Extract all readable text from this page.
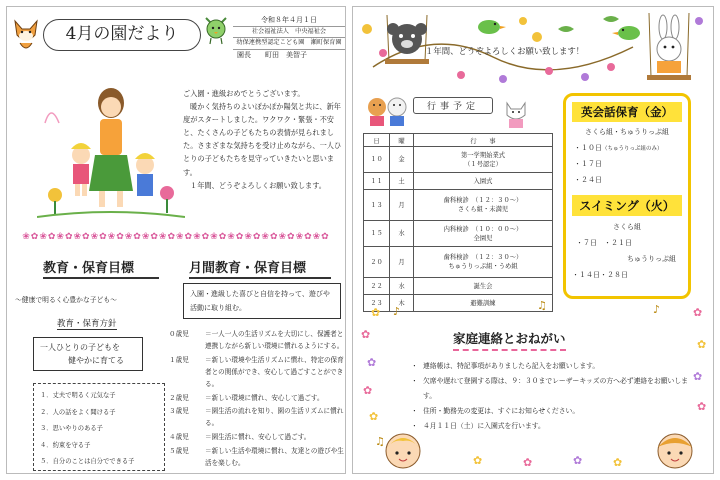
4月の園だより
令和８年４月１日
社会福祉法人　中央福祉会
幼保連携型認定こども園　瀬町保育園
園長　　町田　美智子

ご入園・進級おめでとうございます。

暖かく気持ちのよいぽかぽか陽気と共に、新年度がスタートしました。ワクワク・緊張・不安と、たくさんの子どもたちの表情が見られました。さまざまな気持ちを受け止めながら、一人ひとりの子どもたちを見守っていきたいと思います。

１年間、どうぞよろしくお願い致します。

❀✿❀✿❀✿❀✿❀✿❀✿❀✿❀✿❀✿❀✿❀✿❀✿❀✿❀✿❀✿❀✿❀✿❀✿
教育・保育目標	月間教育・保育目標
～健康で明るく心豊かな子ども～
教育・保育方針
一人ひとりの子どもを
健やかに育てる
１．丈夫で明るく元気な子
２．人の話をよく聞ける子
３．思いやりのある子
４．約束を守る子
５．自分のことは自分でできる子
入園・進級した喜びと自信を持って、遊びや活動に取り組む。
０歳児	＝一人一人の生活リズムを大切にし、保護者と連携しながら新しい環境に慣れるようにする。
１歳児	＝新しい環境や生活リズムに慣れ、特定の保育者との関係ができ、安心して過ごすことができる。
２歳児	＝新しい環境に慣れ、安心して過ごす。
３歳児	＝園生活の流れを知り、園の生活リズムに慣れる。
４歳児	＝園生活に慣れ、安心して過ごす。
５歳児	＝新しい生活や環境に慣れ、友達との遊びや生活を楽しむ。
１年間、どうぞよろしくお願い致します！
行事予定
日	曜	行　　事
１０	金	第一学期始業式
（１号認定）

１１	土	入園式

１３	月	歯科検診　（１２：３０～）
さくら組・未満児

１５	水	内科検診　（１０：００～）
全園児

２０	月	歯科検診　（１２：３０～）
ちゅうりっぷ組・うめ組

２２	水	誕生会

２３	木	避難訓練
英会話保育（金）
さくら組・ちゅうりっぷ組
・１０日（ちゅうりっぷ組のみ）
・１７日
・２４日
スイミング（火）
さくら組
・７日　・２１日
ちゅうりっぷ組
・１４日・２８日
✿
✿
✿
✿
✿
✿
✿
✿
✿
✿	✿	✿	✿
♪	♫	♪
♫
家庭連絡とおねがい
・ 連絡帳は、特記事項がありましたら記入をお願いします。
・ 欠席や遅れて登園する際は、９：３０までレーザーキッズの方へ必ず連絡をお願いします。
・ 住所・勤務先の変更は、すぐにお知らせください。
・ ４月１１日（土）に入園式を行います。
